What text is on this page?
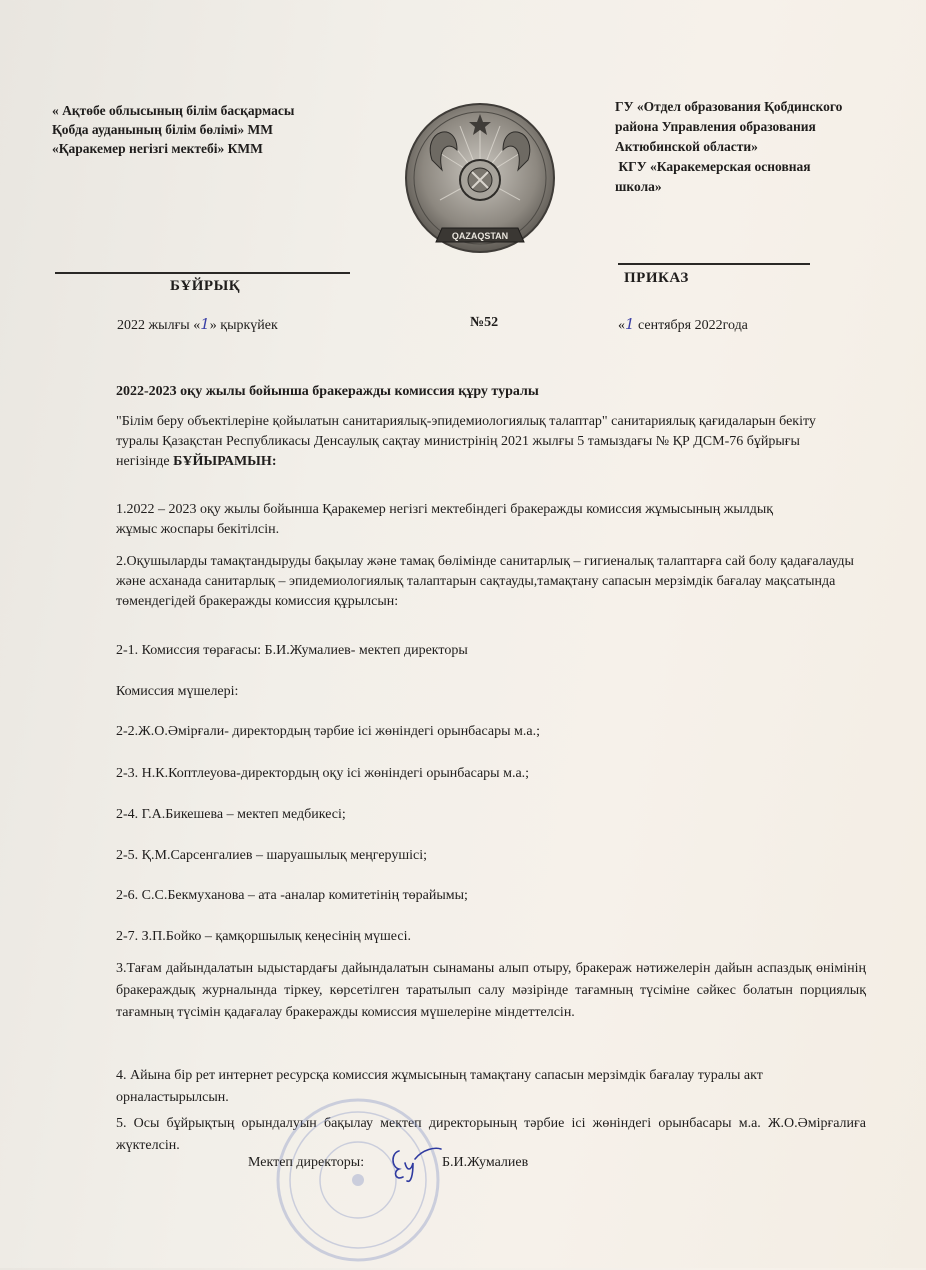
« Ақтөбе облысының білім басқармасы
Қобда ауданының білім бөлімі» ММ
«Қаракемер негізгі мектебі» КММ
QAZAQSTAN
ГУ «Отдел образования Қобдинского
района Управления образования
Актюбинской области»
КГУ «Каракемерская основная
школа»
БҰЙРЫҚ	ПРИКАЗ
2022 жылғы «1» қыркүйек	№52	«1 сентября 2022года
2022-2023 оқу жылы бойынша бракеражды комиссия құру туралы
"Білім беру объектілеріне қойылатын санитариялық-эпидемиологиялық талаптар" санитариялық қағидаларын бекіту туралы Қазақстан Республикасы Денсаулық сақтау министрінің 2021 жылғы 5 тамыздағы № ҚР ДСМ-76 бұйрығы негізінде БҰЙЫРАМЫН:
1.2022 – 2023 оқу жылы бойынша Қаракемер негізгі мектебіндегі бракеражды комиссия жұмысының жылдық жұмыс жоспары бекітілсін.
2.Оқушыларды тамақтандыруды бақылау және тамақ бөлімінде санитарлық – гигиеналық талаптарға сай болу қадағалауды және асханада санитарлық – эпидемиологиялық талаптарын сақтауды,тамақтану сапасын мерзімдік бағалау мақсатында төмендегідей бракеражды комиссия құрылсын:
2-1. Комиссия төрағасы: Б.И.Жумалиев- мектеп директоры
Комиссия мүшелері:
2-2.Ж.О.Әмірғали- директордың тәрбие ісі жөніндегі орынбасары м.а.;
2-3. Н.К.Коптлеуова-директордың оқу ісі жөніндегі орынбасары м.а.;
2-4. Г.А.Бикешева – мектеп медбикесі;
2-5. Қ.М.Сарсенгалиев – шаруашылық меңгерушісі;
2-6. С.С.Бекмуханова – ата -аналар комитетінің төрайымы;
2-7. З.П.Бойко – қамқоршылық кеңесінің мүшесі.
3.Тағам дайындалатын ыдыстардағы дайындалатын сынаманы алып отыру, бракераж нәтижелерін дайын аспаздық өнімінің бракераждық журналында тіркеу, көрсетілген таратылып салу мәзірінде тағамның түсіміне сәйкес болатын порциялық тағамның түсімін қадағалау бракеражды комиссия мүшелеріне міндеттелсін.
4. Айына бір рет интернет ресурсқа комиссия жұмысының тамақтану сапасын мерзімдік бағалау туралы акт орналастырылсын.
5. Осы бұйрықтың орындалуын бақылау мектеп директорының тәрбие ісі жөніндегі орынбасары м.а. Ж.О.Әмірғалиға жүктелсін.
Мектеп директоры:	Б.И.Жумалиев
